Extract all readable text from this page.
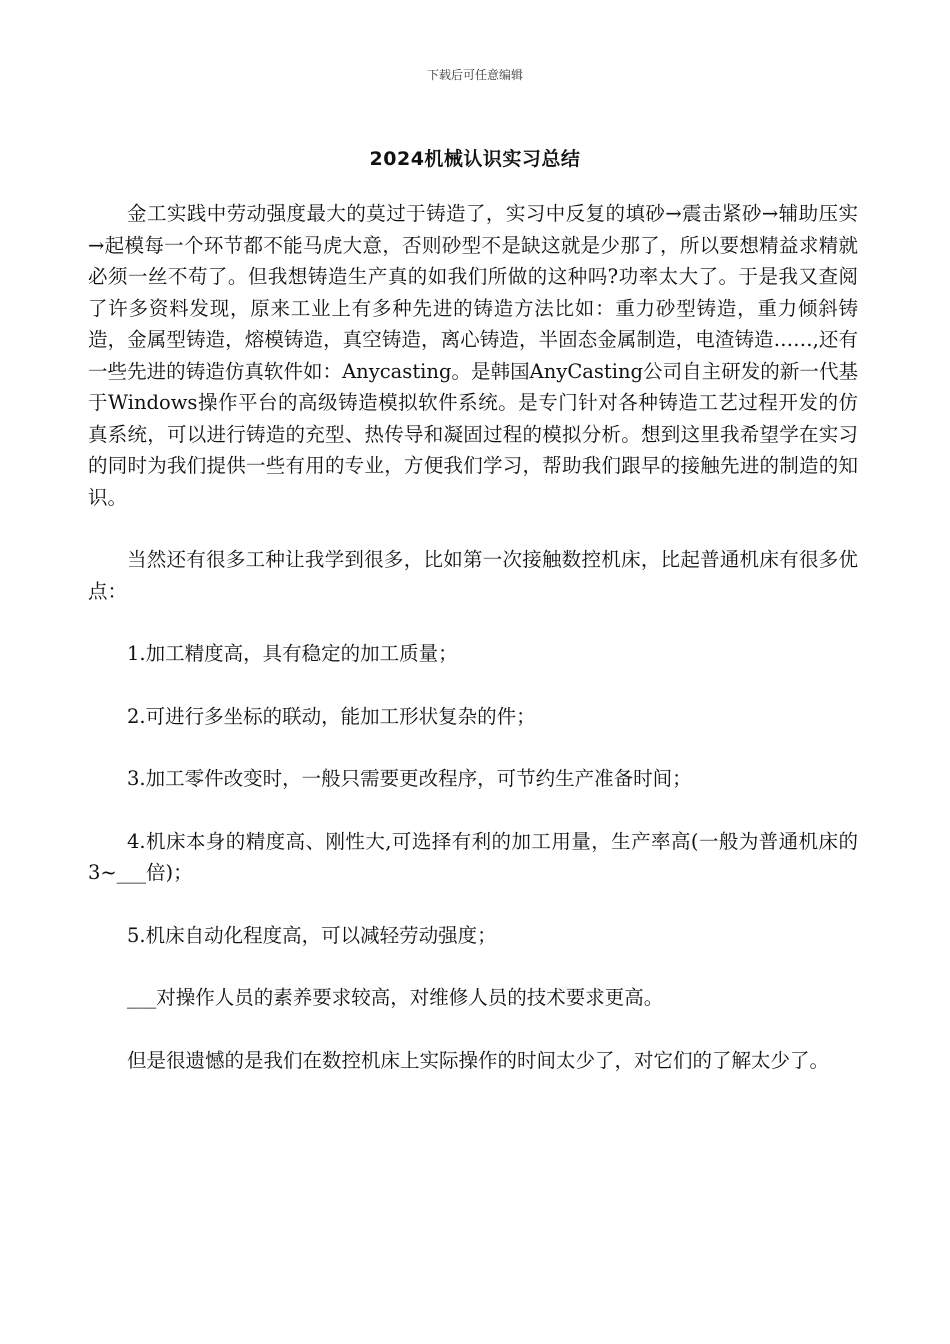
下载后可任意编辑
2024机械认识实习总结

金工实践中劳动强度最大的莫过于铸造了，实习中反复的填砂→震击紧砂→辅助压实→起模每一个环节都不能马虎大意，否则砂型不是缺这就是少那了，所以要想精益求精就必须一丝不苟了。但我想铸造生产真的如我们所做的这种吗?功率太大了。于是我又查阅了许多资料发现，原来工业上有多种先进的铸造方法比如：重力砂型铸造，重力倾斜铸造，金属型铸造，熔模铸造，真空铸造，离心铸造，半固态金属制造，电渣铸造……,还有一些先进的铸造仿真软件如：Anycasting。是韩国AnyCasting公司自主研发的新一代基于Windows操作平台的高级铸造模拟软件系统。是专门针对各种铸造工艺过程开发的仿真系统，可以进行铸造的充型、热传导和凝固过程的模拟分析。想到这里我希望学在实习的同时为我们提供一些有用的专业，方便我们学习，帮助我们跟早的接触先进的制造的知识。

当然还有很多工种让我学到很多，比如第一次接触数控机床，比起普通机床有很多优点：

1.加工精度高，具有稳定的加工质量；

2.可进行多坐标的联动，能加工形状复杂的件；

3.加工零件改变时，一般只需要更改程序，可节约生产准备时间；

4.机床本身的精度高、刚性大,可选择有利的加工用量，生产率高(一般为普通机床的3~___倍)；

5.机床自动化程度高，可以减轻劳动强度；

___对操作人员的素养要求较高，对维修人员的技术要求更高。

但是很遗憾的是我们在数控机床上实际操作的时间太少了，对它们的了解太少了。
